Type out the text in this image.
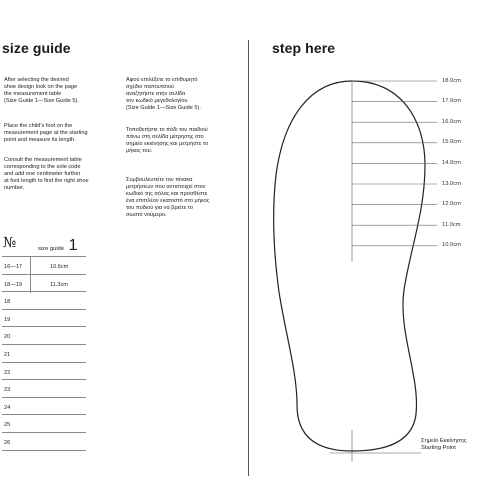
size guide
After selecting the desired
shoe design look on the page
the measurement table
(Size Guide 1—Size Guide 5).
Place the child's foot on the
measurement page at the starting
point and measure its length.
Consult the measurement table
corresponding to the sole code
and add one centimeter further
at foot length to find the right shoe
number.
Αφού επιλέξετε το επιθυμητό
σχέδιο παπουτσιού
αναζητήστε στην σελίδα
τον κωδικό μεγεθολογίου
(Size Guide 1—Size Guide 5).
Τοποθετήστε το πόδι του παιδιού
πάνω στη σελίδα μέτρησης στο
σημείο εκκίνησης και μετρήστε το
μήκος του.
Συμβουλευτείτε τον πίνακα
μετρήσεων που αντιστοιχεί στον
κωδικό της σόλας και προσθέστε
ένα επιπλέον εκατοστό στο μήκος
του ποδιού για να βρείτε το
σωστό νούμερο.
№	size guide 1
16—17	10.6cm
18—19	11.3cm
18
19
20
21
22
23
24
25
26
step here
18.0cm
17.0cm
16.0cm
15.0cm
14.0cm
13.0cm
12.0cm
11.0cm
10.0cm
Σημείο Εκκίνησης
Starting Point
